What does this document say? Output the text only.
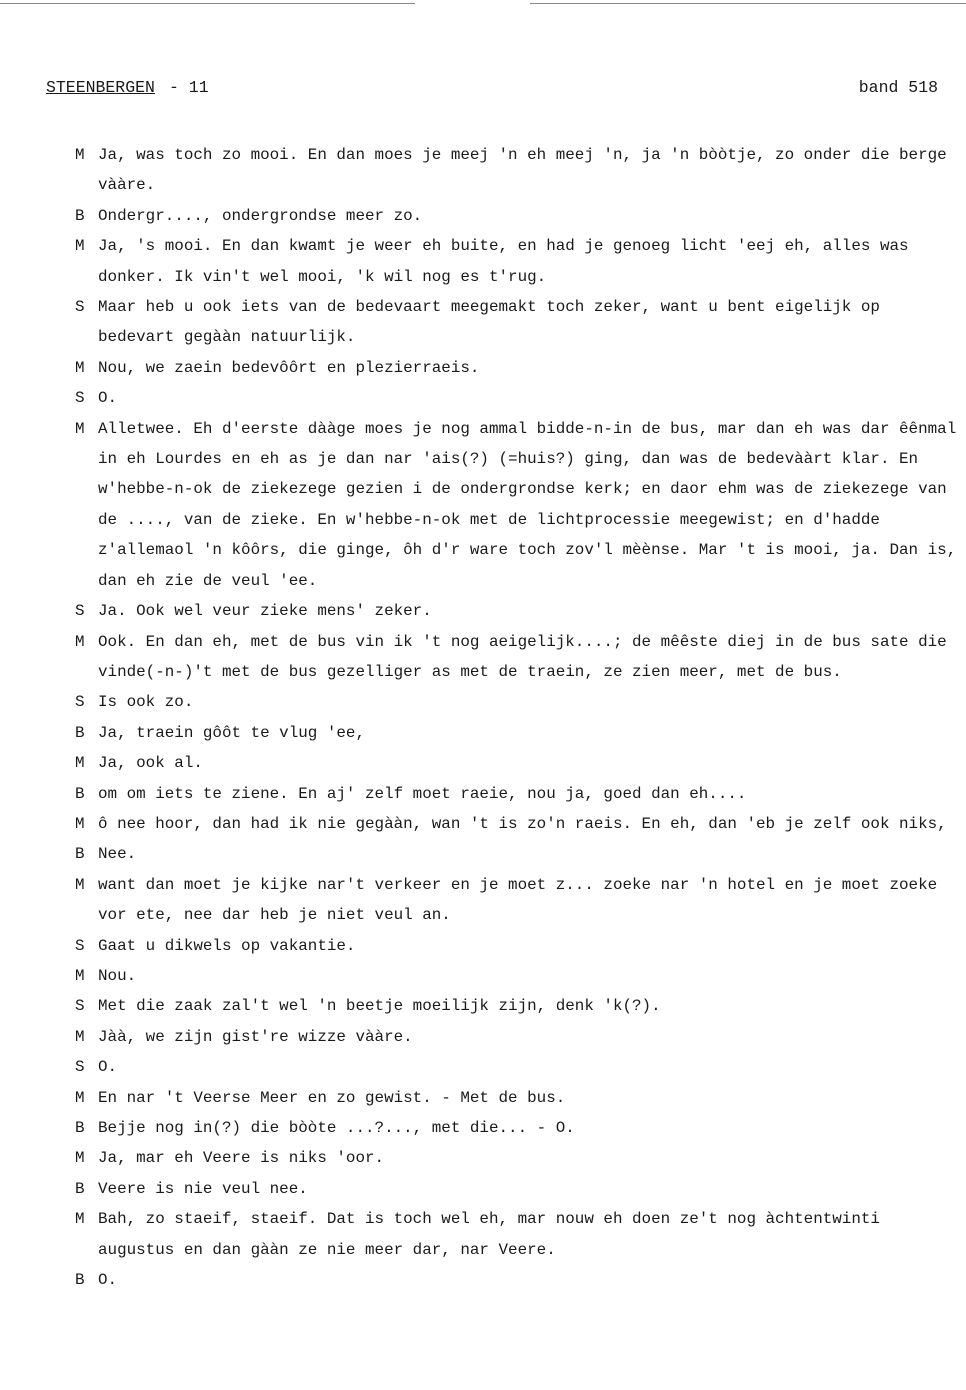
STEENBERGEN - 11	band 518
M Ja, was toch zo mooi. En dan moes je meej 'n eh meej 'n, ja 'n bòòtje, zo onder die berge vààre.
B Ondergr...., ondergrondse meer zo.
M Ja, 's mooi. En dan kwamt je weer eh buite, en had je genoeg licht 'eej eh, alles was donker. Ik vin't wel mooi, 'k wil nog es t'rug.
S Maar heb u ook iets van de bedevaart meegemakt toch zeker, want u bent eigelijk op bedevart gegààn natuurlijk.
M Nou, we zaein bedevôôrt en plezierraeis.
S O.
M Alletwee. Eh d'eerste dààge moes je nog ammal bidde-n-in de bus, mar dan eh was dar êênmal in eh Lourdes en eh as je dan nar 'ais(?) (=huis?) ging, dan was de bedevààrt klar. En w'hebbe-n-ok de ziekezege gezien i de ondergrondse kerk; en daor ehm was de ziekezege van de ...., van de zieke. En w'hebbe-n-ok met de lichtprocessie meegewist; en d'hadde z'allemaol 'n kôôrs, die ginge, ôh d'r ware toch zov'l mèènse. Mar 't is mooi, ja. Dan is, dan eh zie de veul 'ee.
S Ja. Ook wel veur zieke mens' zeker.
M Ook. En dan eh, met de bus vin ik 't nog aeigelijk....; de mêêste diej in de bus sate die vinde(-n-)'t met de bus gezelliger as met de traein, ze zien meer, met de bus.
S Is ook zo.
B Ja, traein gôôt te vlug 'ee,
M Ja, ook al.
B om om iets te ziene. En aj' zelf moet raeie, nou ja, goed dan eh....
M ô nee hoor, dan had ik nie gegààn, wan 't is zo'n raeis. En eh, dan 'eb je zelf ook niks,
B Nee.
M want dan moet je kijke nar't verkeer en je moet z... zoeke nar 'n hotel en je moet zoeke vor ete, nee dar heb je niet veul an.
S Gaat u dikwels op vakantie.
M Nou.
S Met die zaak zal't wel 'n beetje moeilijk zijn, denk 'k(?).
M Jàà, we zijn gist're wizze vààre.
S O.
M En nar 't Veerse Meer en zo gewist. - Met de bus.
B Bejje nog in(?) die bòòte ...?..., met die... - O.
M Ja, mar eh Veere is niks 'oor.
B Veere is nie veul nee.
M Bah, zo staeif, staeif. Dat is toch wel eh, mar nouw eh doen ze't nog àchtentwinti augustus en dan gààn ze nie meer dar, nar Veere.
B O.
